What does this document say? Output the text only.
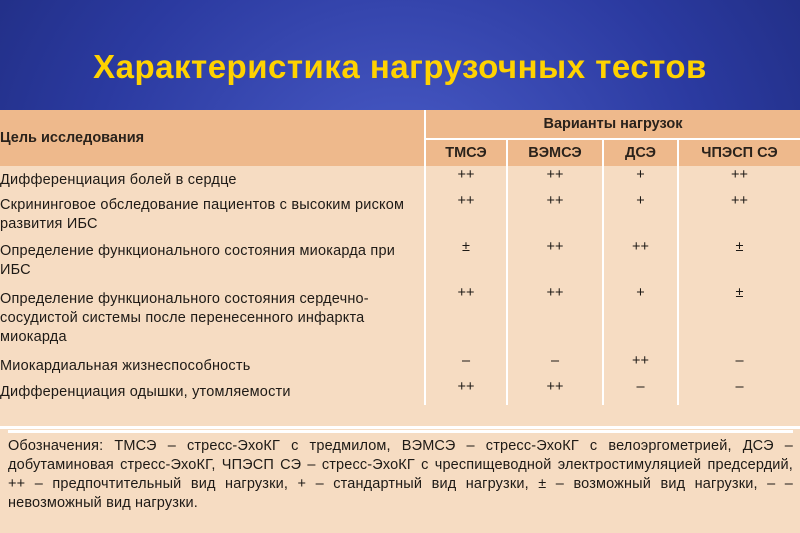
Характеристика нагрузочных тестов
Цель исследования	Варианты нагрузок			
	ТМСЭ	ВЭМСЭ	ДСЭ	ЧПЭСП СЭ
Дифференциация болей в сердце	++	++	+	++
Скрининговое обследование пациентов с высоким риском развития ИБС	++	++	+	++
Определение функционального состояния миокарда при ИБС	±	++	++	±
Определение функционального состояния сердечно-сосудистой системы после перенесенного инфаркта миокарда	++	++	+	±
Миокардиальная жизнеспособность	–	–	++	–
Дифференциация одышки, утомляемости	++	++	–	–
Обозначения: ТМСЭ – стресс-ЭхоКГ с тредмилом, ВЭМСЭ – стресс-ЭхоКГ с велоэргометрией, ДСЭ – добутаминовая стресс-ЭхоКГ, ЧПЭСП СЭ – стресс-ЭхоКГ с чреспищеводной электростимуляцией предсердий, ++ – предпочтительный вид нагрузки, + – стандартный вид нагрузки, ± – возможный вид нагрузки, – – невозможный вид нагрузки.
